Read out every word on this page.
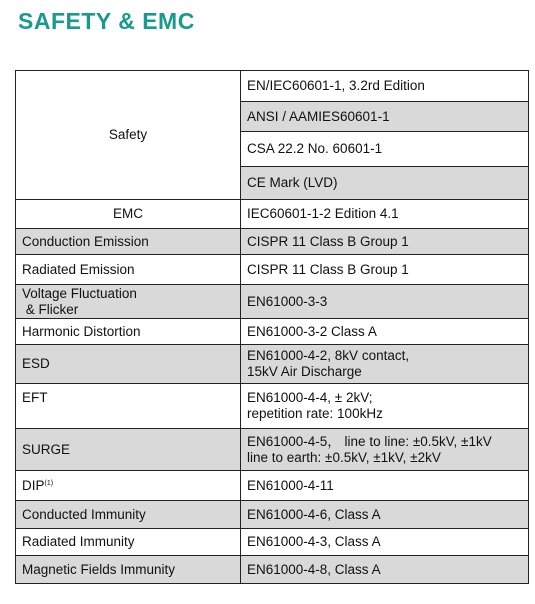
SAFETY & EMC
Safety	EN/IEC60601-1, 3.2rd Edition
	ANSI / AAMIES60601-1
	CSA 22.2 No. 60601-1
	CE Mark (LVD)
EMC	IEC60601-1-2 Edition 4.1
Conduction Emission	CISPR 11 Class B Group 1
Radiated Emission	CISPR 11 Class B Group 1

Voltage Fluctuation
& Flicker	EN61000-3-3
Harmonic Distortion	EN61000-3-2 Class A
ESD	EN61000-4-2, 8kV contact,
15kV Air Discharge

EFT	EN61000-4-4, ± 2kV;
repetition rate: 100kHz

SURGE	EN61000-4-5， line to line: ±0.5kV, ±1kV
line to earth: ±0.5kV, ±1kV, ±2kV

DIP$^{(1)}$	EN61000-4-11
Conducted Immunity	EN61000-4-6, Class A
Radiated Immunity	EN61000-4-3, Class A
Magnetic Fields Immunity	EN61000-4-8, Class A
